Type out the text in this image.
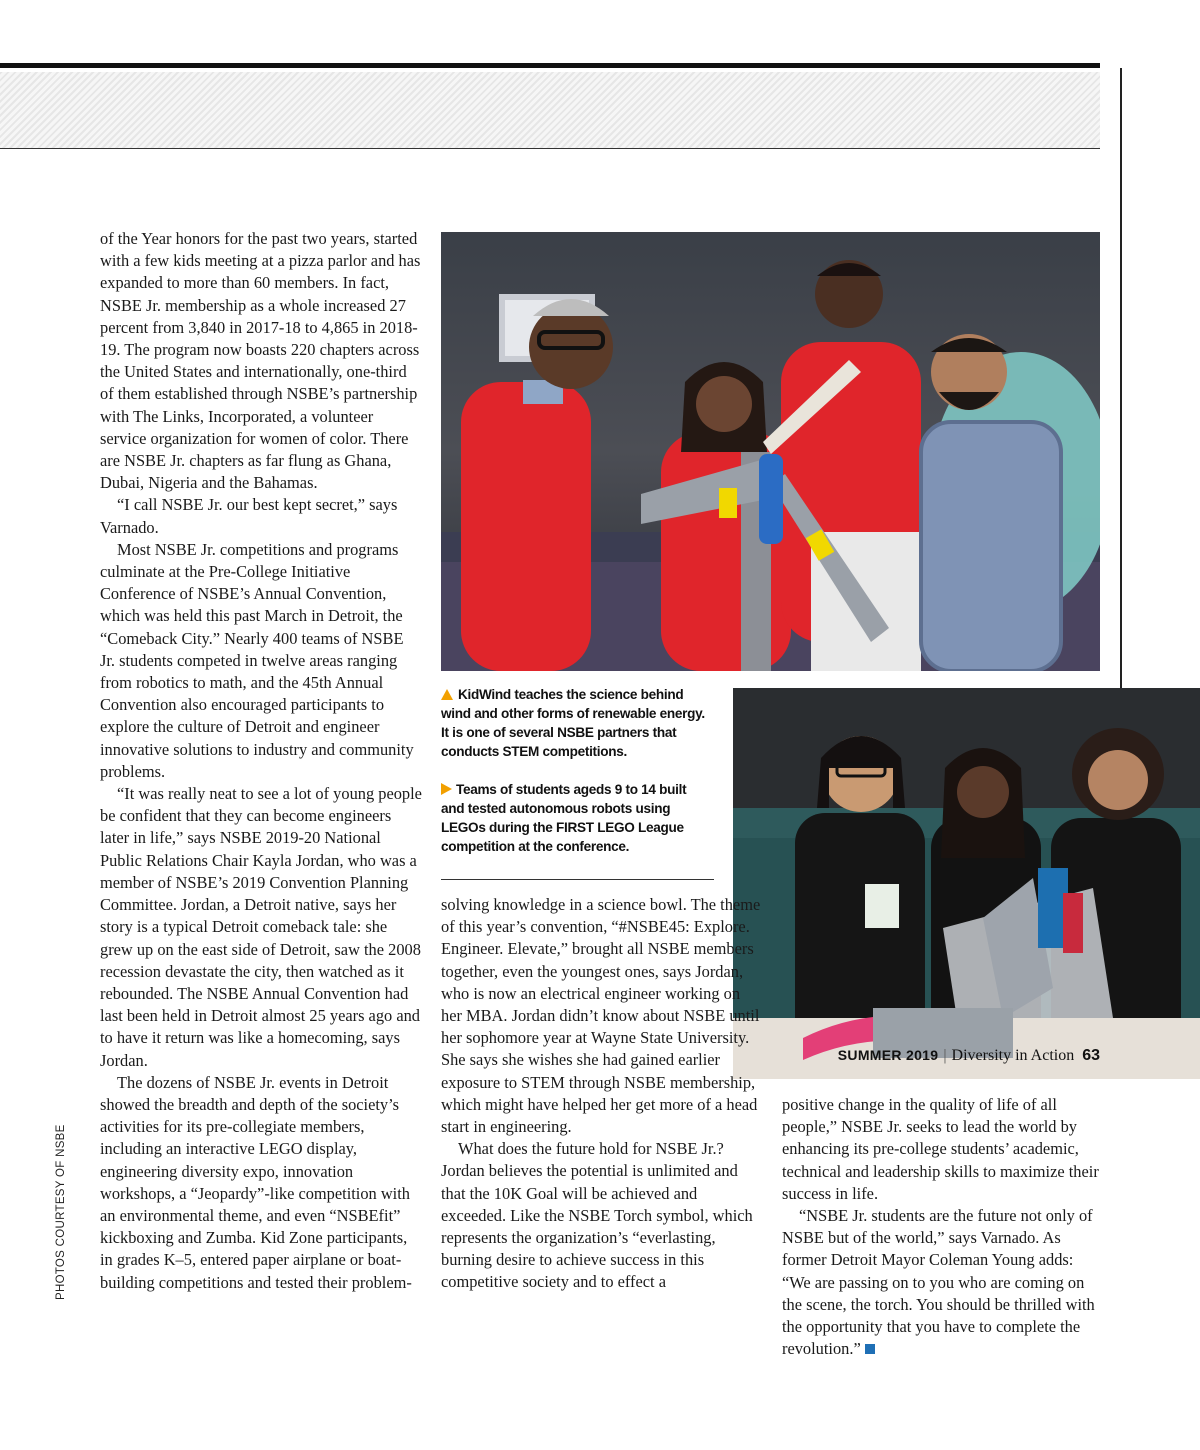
PHOTOS COURTESY OF NSBE

of the Year honors for the past two years, started with a few kids meeting at a pizza parlor and has expanded to more than 60 members. In fact, NSBE Jr. membership as a whole increased 27 percent from 3,840 in 2017-18 to 4,865 in 2018-19. The program now boasts 220 chapters across the United States and internationally, one-third of them established through NSBE’s partnership with The Links, Incorporated, a volunteer service organization for women of color. There are NSBE Jr. chapters as far flung as Ghana, Dubai, Nigeria and the Bahamas.

“I call NSBE Jr. our best kept secret,” says Varnado.

Most NSBE Jr. competitions and programs culminate at the Pre-College Initiative Conference of NSBE’s Annual Convention, which was held this past March in Detroit, the “Comeback City.” Nearly 400 teams of NSBE Jr. students competed in twelve areas ranging from robotics to math, and the 45th Annual Convention also encouraged participants to explore the culture of Detroit and engineer innovative solutions to industry and community problems.

“It was really neat to see a lot of young people be confident that they can become engineers later in life,” says NSBE 2019-20 National Public Relations Chair Kayla Jordan, who was a member of NSBE’s 2019 Convention Planning Committee. Jordan, a Detroit native, says her story is a typical Detroit comeback tale: she grew up on the east side of Detroit, saw the 2008 recession devastate the city, then watched as it rebounded. The NSBE Annual Convention had last been held in Detroit almost 25 years ago and to have it return was like a homecoming, says Jordan.

The dozens of NSBE Jr. events in Detroit showed the breadth and depth of the society’s activities for its pre-collegiate members, including an interactive LEGO display, engineering diversity expo, innovation workshops, a “Jeopardy”-like competition with an environmental theme, and even “NSBEfit” kickboxing and Zumba. Kid Zone participants, in grades K–5, entered paper airplane or boat-building competitions and tested their problem-

KidWind teaches the science behind wind and other forms of renewable energy. It is one of several NSBE partners that conducts STEM competitions.
Teams of students ageds 9 to 14 built and tested autonomous robots using LEGOs during the FIRST LEGO League competition at the conference.

solving knowledge in a science bowl. The theme of this year’s convention, “#NSBE45: Explore. Engineer. Elevate,” brought all NSBE members together, even the youngest ones, says Jordan, who is now an electrical engineer working on her MBA. Jordan didn’t know about NSBE until her sophomore year at Wayne State University. She says she wishes she had gained earlier exposure to STEM through NSBE membership, which might have helped her get more of a head start in engineering.

What does the future hold for NSBE Jr.? Jordan believes the potential is unlimited and that the 10K Goal will be achieved and exceeded. Like the NSBE Torch symbol, which represents the organization’s “everlasting, burning desire to achieve success in this competitive society and to effect a

positive change in the quality of life of all people,” NSBE Jr. seeks to lead the world by enhancing its pre-college students’ academic, technical and leadership skills to maximize their success in life.

“NSBE Jr. students are the future not only of NSBE but of the world,” says Varnado. As former Detroit Mayor Coleman Young adds: “We are passing on to you who are coming on the scene, the torch. You should be thrilled with the opportunity that you have to complete the revolution.”

SUMMER 2019 | Diversity in Action 63
